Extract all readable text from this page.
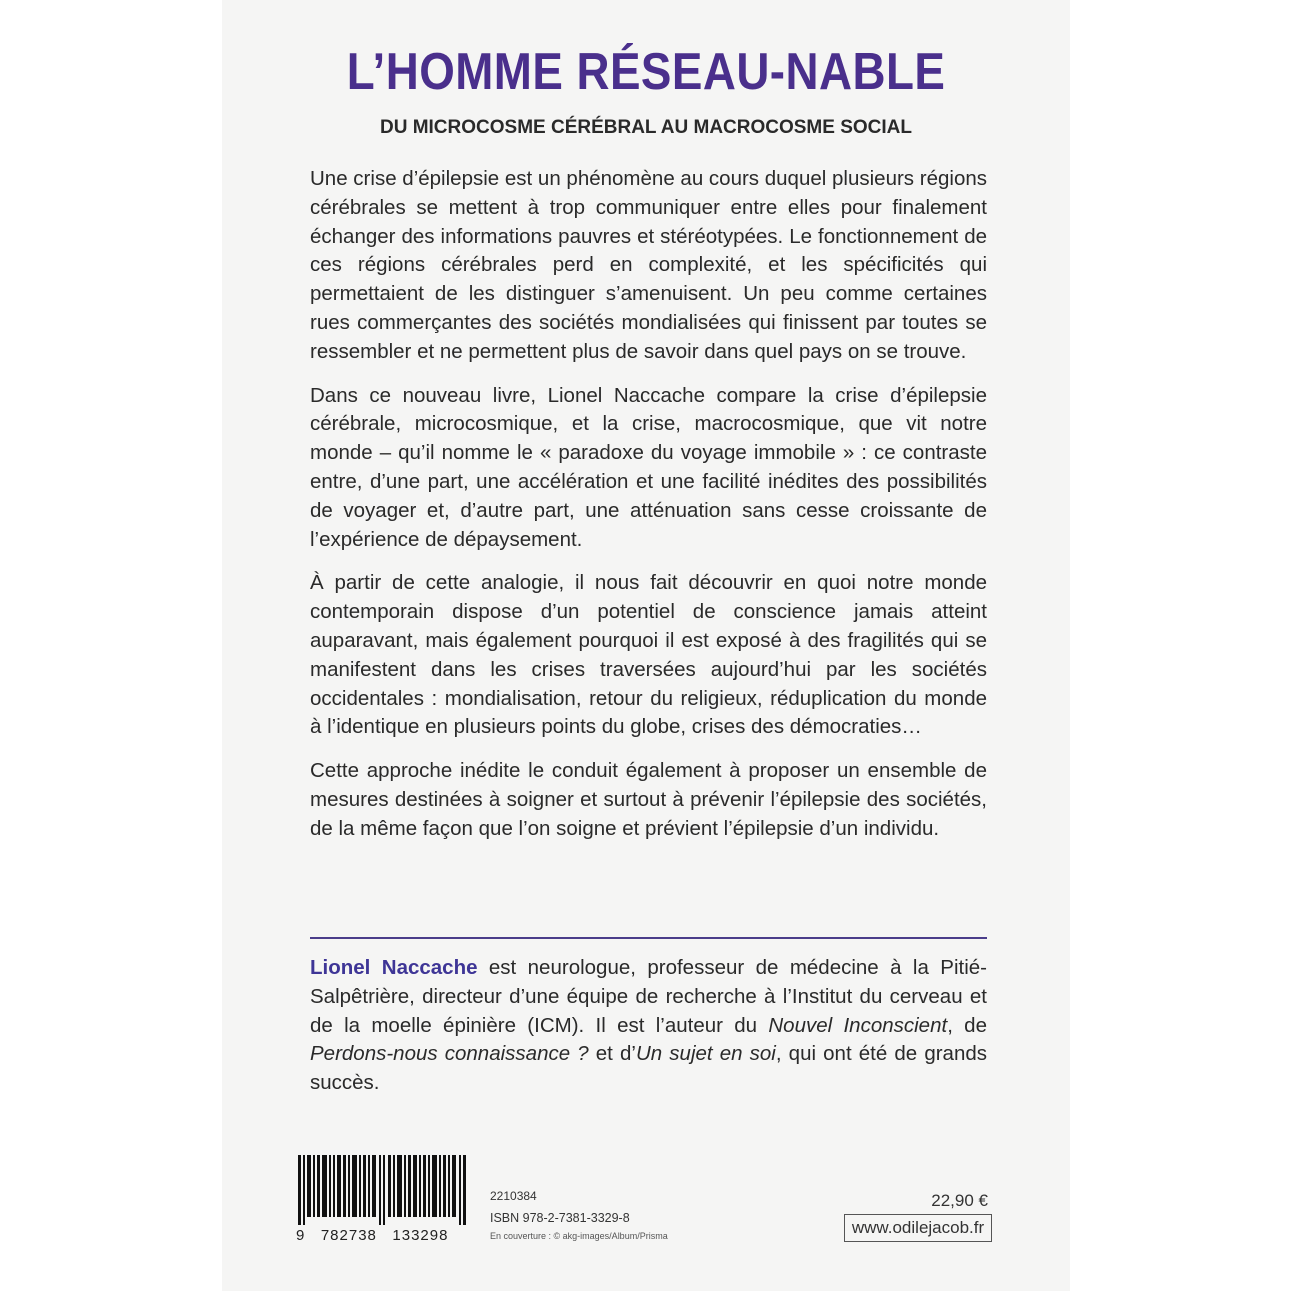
L’HOMME RÉSEAU-NABLE
DU MICROCOSME CÉRÉBRAL AU MACROCOSME SOCIAL

Une crise d’épilepsie est un phénomène au cours duquel plusieurs régions cérébrales se mettent à trop communiquer entre elles pour finalement échanger des informations pauvres et stéréotypées. Le fonctionnement de ces régions cérébrales perd en complexité, et les spécificités qui permettaient de les distinguer s’amenuisent. Un peu comme certaines rues commerçantes des sociétés mondialisées qui finissent par toutes se ressembler et ne permettent plus de savoir dans quel pays on se trouve.

Dans ce nouveau livre, Lionel Naccache compare la crise d’épilepsie cérébrale, microcosmique, et la crise, macrocosmique, que vit notre monde – qu’il nomme le « paradoxe du voyage immobile » : ce contraste entre, d’une part, une accélération et une facilité inédites des possibilités de voyager et, d’autre part, une atténuation sans cesse croissante de l’expérience de dépaysement.

À partir de cette analogie, il nous fait découvrir en quoi notre monde contemporain dispose d’un potentiel de conscience jamais atteint auparavant, mais également pourquoi il est exposé à des fragilités qui se manifestent dans les crises traversées aujourd’hui par les sociétés occidentales : mondialisation, retour du religieux, réduplication du monde à l’identique en plusieurs points du globe, crises des démocraties…

Cette approche inédite le conduit également à proposer un ensemble de mesures destinées à soigner et surtout à prévenir l’épilepsie des sociétés, de la même façon que l’on soigne et prévient l’épilepsie d’un individu.

Lionel Naccache est neurologue, professeur de médecine à la Pitié-Salpêtrière, directeur d’une équipe de recherche à l’Institut du cerveau et de la moelle épinière (ICM). Il est l’auteur du Nouvel Inconscient, de Perdons-nous connaissance ? et d’Un sujet en soi, qui ont été de grands succès.

9   782738   133298
2210384
ISBN 978-2-7381-3329-8
En couverture : © akg-images/Album/Prisma
22,90 €
www.odilejacob.fr
